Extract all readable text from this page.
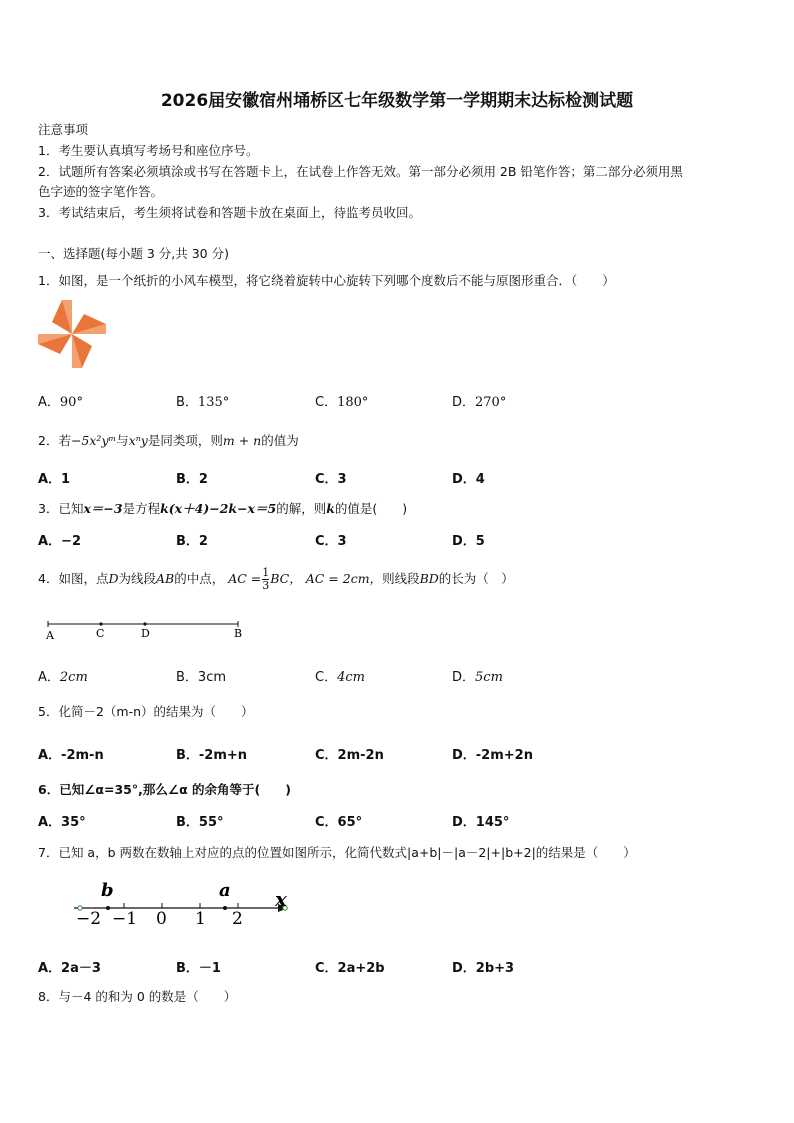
2026届安徽宿州埇桥区七年级数学第一学期期末达标检测试题
注意事项
1．考生要认真填写考场号和座位序号。
2．试题所有答案必须填涂或书写在答题卡上，在试卷上作答无效。第一部分必须用 2B 铅笔作答；第二部分必须用黑
色字迹的签字笔作答。
3．考试结束后，考生须将试卷和答题卡放在桌面上，待监考员收回。
一、选择题(每小题 3 分,共 30 分)
1．如图，是一个纸折的小风车模型，将它绕着旋转中心旋转下列哪个度数后不能与原图形重合．（　　）
A．90°	B．135°	C．180°	D．270°
2．若−5x²yᵐ与xⁿy是同类项，则m + n的值为
A．1	B．2	C．3	D．4
3．已知x＝−3是方程k(x＋4)−2k−x＝5的解，则k的值是(　　)
A．−2	B．2	C．3	D．5
4．如图，点D为线段AB的中点， AC = $\frac{1}{3}$ BC， AC = 2cm，则线段BD的长为（　）
A	C	D	B
A．2cm	B．3cm	C．4cm	D．5cm
5．化简－2（m-n）的结果为（　　）
A．-2m-n	B．-2m+n	C．2m-2n	D．-2m+2n
6．已知∠α=35°,那么∠α 的余角等于(　　)
A．35°	B．55°	C．65°	D．145°
7．已知 a，b 两数在数轴上对应的点的位置如图所示，化简代数式|a+b|－|a－2|+|b+2|的结果是（　　）
b	a x
−2 −1 0 1 2
A．2a－3	B．－1	C．2a+2b	D．2b+3
8．与－4 的和为 0 的数是（　　）
